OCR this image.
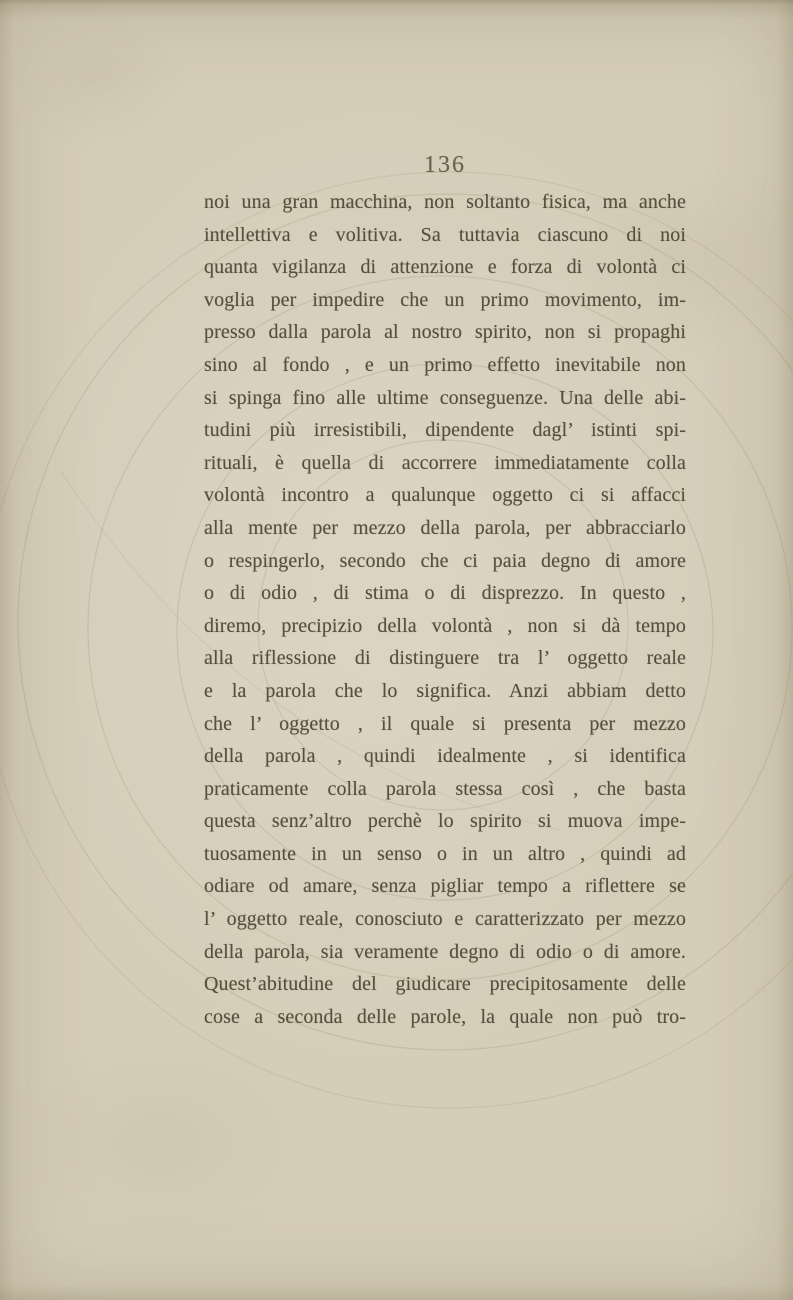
136
noi una gran macchina, non soltanto fisica, ma anche
intellettiva e volitiva. Sa tuttavia ciascuno di noi
quanta vigilanza di attenzione e forza di volontà ci
voglia per impedire che un primo movimento, im-
presso dalla parola al nostro spirito, non si propaghi
sino al fondo , e un primo effetto inevitabile non
si spinga fino alle ultime conseguenze. Una delle abi-
tudini più irresistibili, dipendente dagl’ istinti spi-
rituali, è quella di accorrere immediatamente colla
volontà incontro a qualunque oggetto ci si affacci
alla mente per mezzo della parola, per abbracciarlo
o respingerlo, secondo che ci paia degno di amore
o di odio , di stima o di disprezzo. In questo ,
diremo, precipizio della volontà , non si dà tempo
alla riflessione di distinguere tra l’ oggetto reale
e la parola che lo significa. Anzi abbiam detto
che l’ oggetto , il quale si presenta per mezzo
della parola , quindi idealmente , si identifica
praticamente colla parola stessa così , che basta
questa senz’altro perchè lo spirito si muova impe-
tuosamente in un senso o in un altro , quindi ad
odiare od amare, senza pigliar tempo a riflettere se
l’ oggetto reale, conosciuto e caratterizzato per mezzo
della parola, sia veramente degno di odio o di amore.
Quest’abitudine del giudicare precipitosamente delle
cose a seconda delle parole, la quale non può tro-
